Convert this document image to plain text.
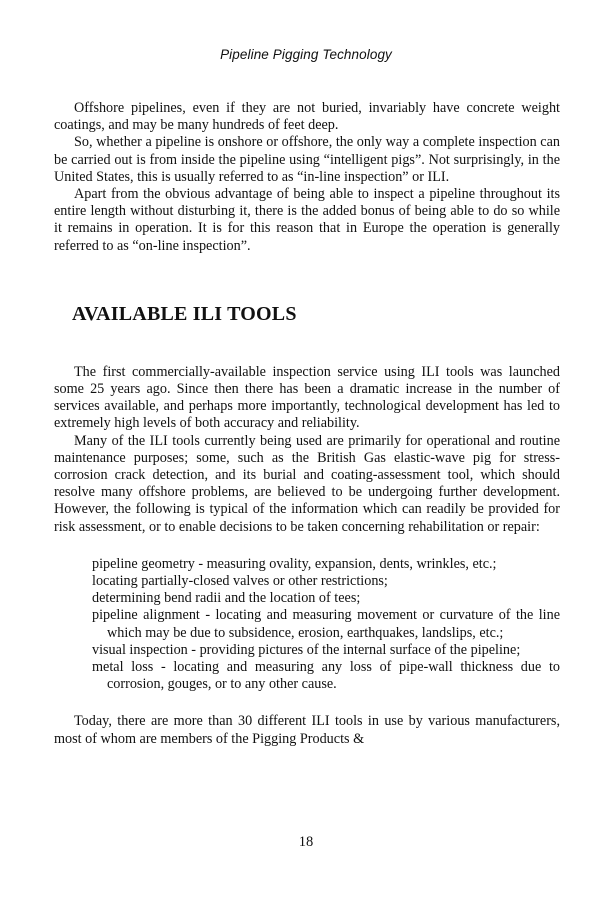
Pipeline Pigging Technology

Offshore pipelines, even if they are not buried, invariably have concrete weight coatings, and may be many hundreds of feet deep.

So, whether a pipeline is onshore or offshore, the only way a complete inspection can be carried out is from inside the pipeline using “intelligent pigs”. Not surprisingly, in the United States, this is usually referred to as “in-line inspection” or ILI.

Apart from the obvious advantage of being able to inspect a pipeline throughout its entire length without disturbing it, there is the added bonus of being able to do so while it remains in operation. It is for this reason that in Europe the operation is generally referred to as “on-line inspection”.

AVAILABLE ILI TOOLS

The first commercially-available inspection service using ILI tools was launched some 25 years ago. Since then there has been a dramatic increase in the number of services available, and perhaps more importantly, technological development has led to extremely high levels of both accuracy and reliability.

Many of the ILI tools currently being used are primarily for operational and routine maintenance purposes; some, such as the British Gas elastic-wave pig for stress-corrosion crack detection, and its burial and coating-assessment tool, which should resolve many offshore problems, are believed to be undergoing further development. However, the following is typical of the information which can readily be provided for risk assessment, or to enable decisions to be taken concerning rehabilitation or repair:

pipeline geometry - measuring ovality, expansion, dents, wrinkles, etc.;
locating partially-closed valves or other restrictions;
determining bend radii and the location of tees;
pipeline alignment - locating and measuring movement or curvature of the line which may be due to subsidence, erosion, earthquakes, landslips, etc.;
visual inspection - providing pictures of the internal surface of the pipeline;
metal loss - locating and measuring any loss of pipe-wall thickness due to corrosion, gouges, or to any other cause.

Today, there are more than 30 different ILI tools in use by various manufacturers, most of whom are members of the Pigging Products &

18
